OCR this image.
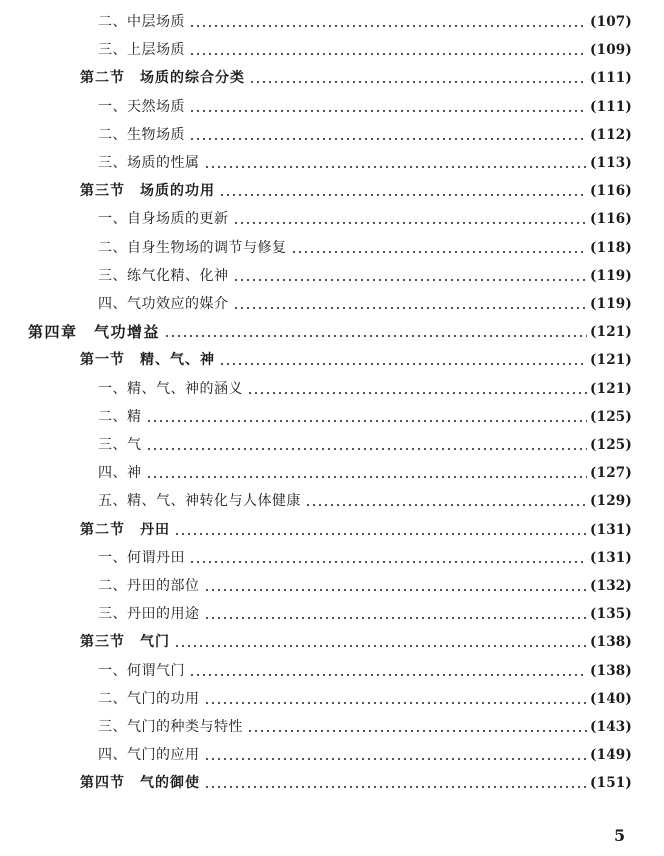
二、中层场质	(107)
三、上层场质	(109)
第二节　场质的综合分类	(111)
一、天然场质	(111)
二、生物场质	(112)
三、场质的性属	(113)
第三节　场质的功用	(116)
一、自身场质的更新	(116)
二、自身生物场的调节与修复	(118)
三、练气化精、化神	(119)
四、气功效应的媒介	(119)
第四章　气功增益	(121)
第一节　精、气、神	(121)
一、精、气、神的涵义	(121)
二、精	(125)
三、气	(125)
四、神	(127)
五、精、气、神转化与人体健康	(129)
第二节　丹田	(131)
一、何谓丹田	(131)
二、丹田的部位	(132)
三、丹田的用途	(135)
第三节　气门	(138)
一、何谓气门	(138)
二、气门的功用	(140)
三、气门的种类与特性	(143)
四、气门的应用	(149)
第四节　气的御使	(151)
5
